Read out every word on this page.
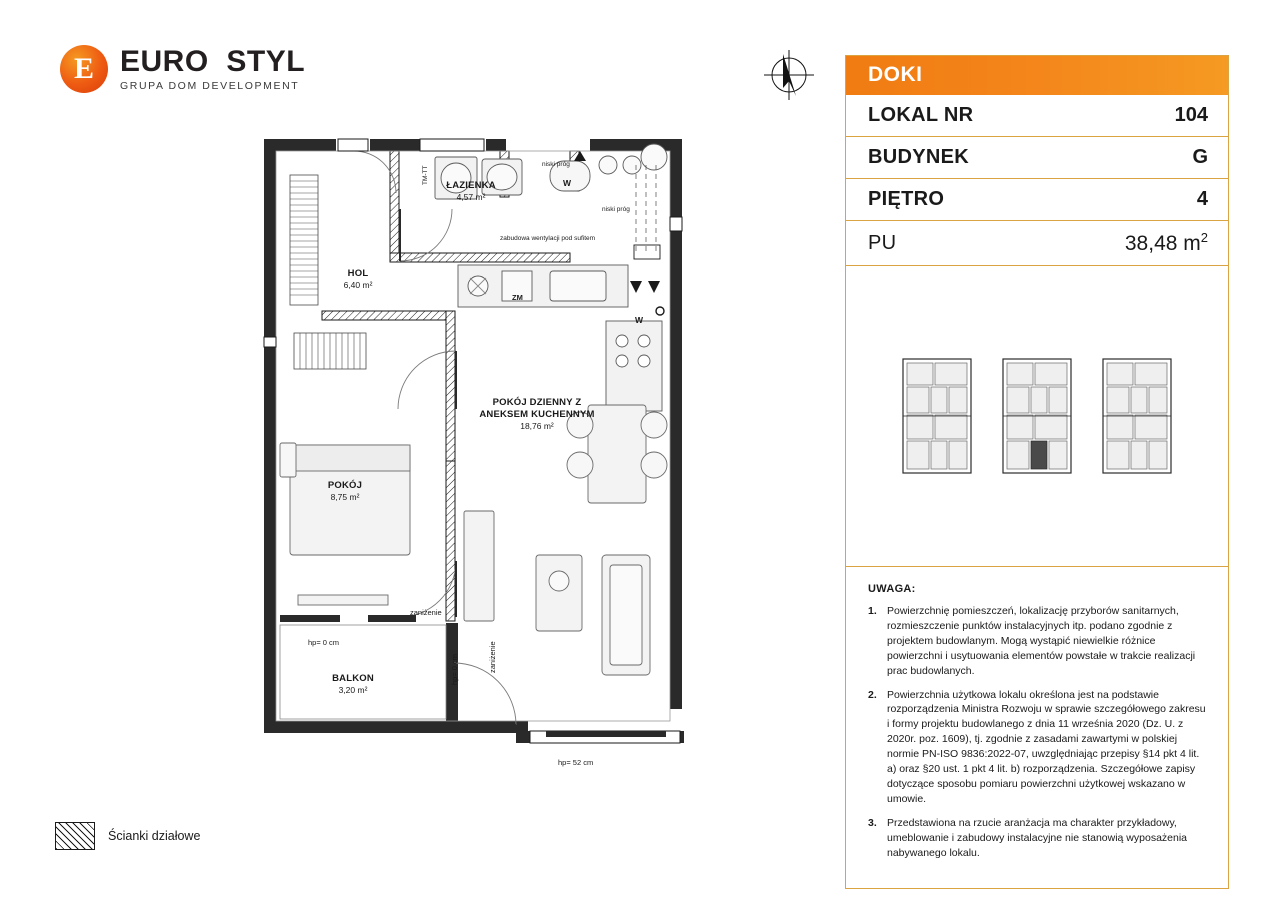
E EURO STYL
GRUPA DOM DEVELOPMENT	DOKI
LOKAL NR	104
BUDYNEK	G
PIĘTRO	4
PU	38,48 $m^2$
UWAGA:
1. Powierzchnię pomieszczeń, lokalizację przyborów sanitarnych, rozmieszczenie punktów instalacyjnych itp. podano zgodnie z projektem budowlanym. Mogą wystąpić niewielkie różnice powierzchni i usytuowania elementów powstałe w trakcie realizacji prac budowlanych.
2. Powierzchnia użytkowa lokalu określona jest na podstawie rozporządzenia Ministra Rozwoju w sprawie szczegółowego zakresu i formy projektu budowlanego z dnia 11 września 2020 (Dz. U. z 2020r. poz. 1609), tj. zgodnie z zasadami zawartymi w polskiej normie PN-ISO 9836:2022-07, uwzględniając przepisy §14 pkt 4 lit. a) oraz §20 ust. 1 pkt 4 lit. b) rozporządzenia. Szczegółowe zapisy dotyczące sposobu pomiaru powierzchni użytkowej wskazano w umowie.
3. Przedstawiona na rzucie aranżacja ma charakter przykładowy, umeblowanie i zabudowy instalacyjne nie stanowią wyposażenia nabywanego lokalu.
Ścianki działowe
ŁAZIENKA
4,57 m²
HOL
6,40 m²
POKÓJ DZIENNY Z ANEKSEM KUCHENNYM
18,76 m²
POKÓJ
8,75 m²
BALKON
3,20 m²
TM-TT
niski próg
niski próg
zabudowa wentylacji pod sufitem
ZM
W
W
zaniżenie
zaniżenie
hp= 0 cm
hp= 0 cm
hp= 52 cm
